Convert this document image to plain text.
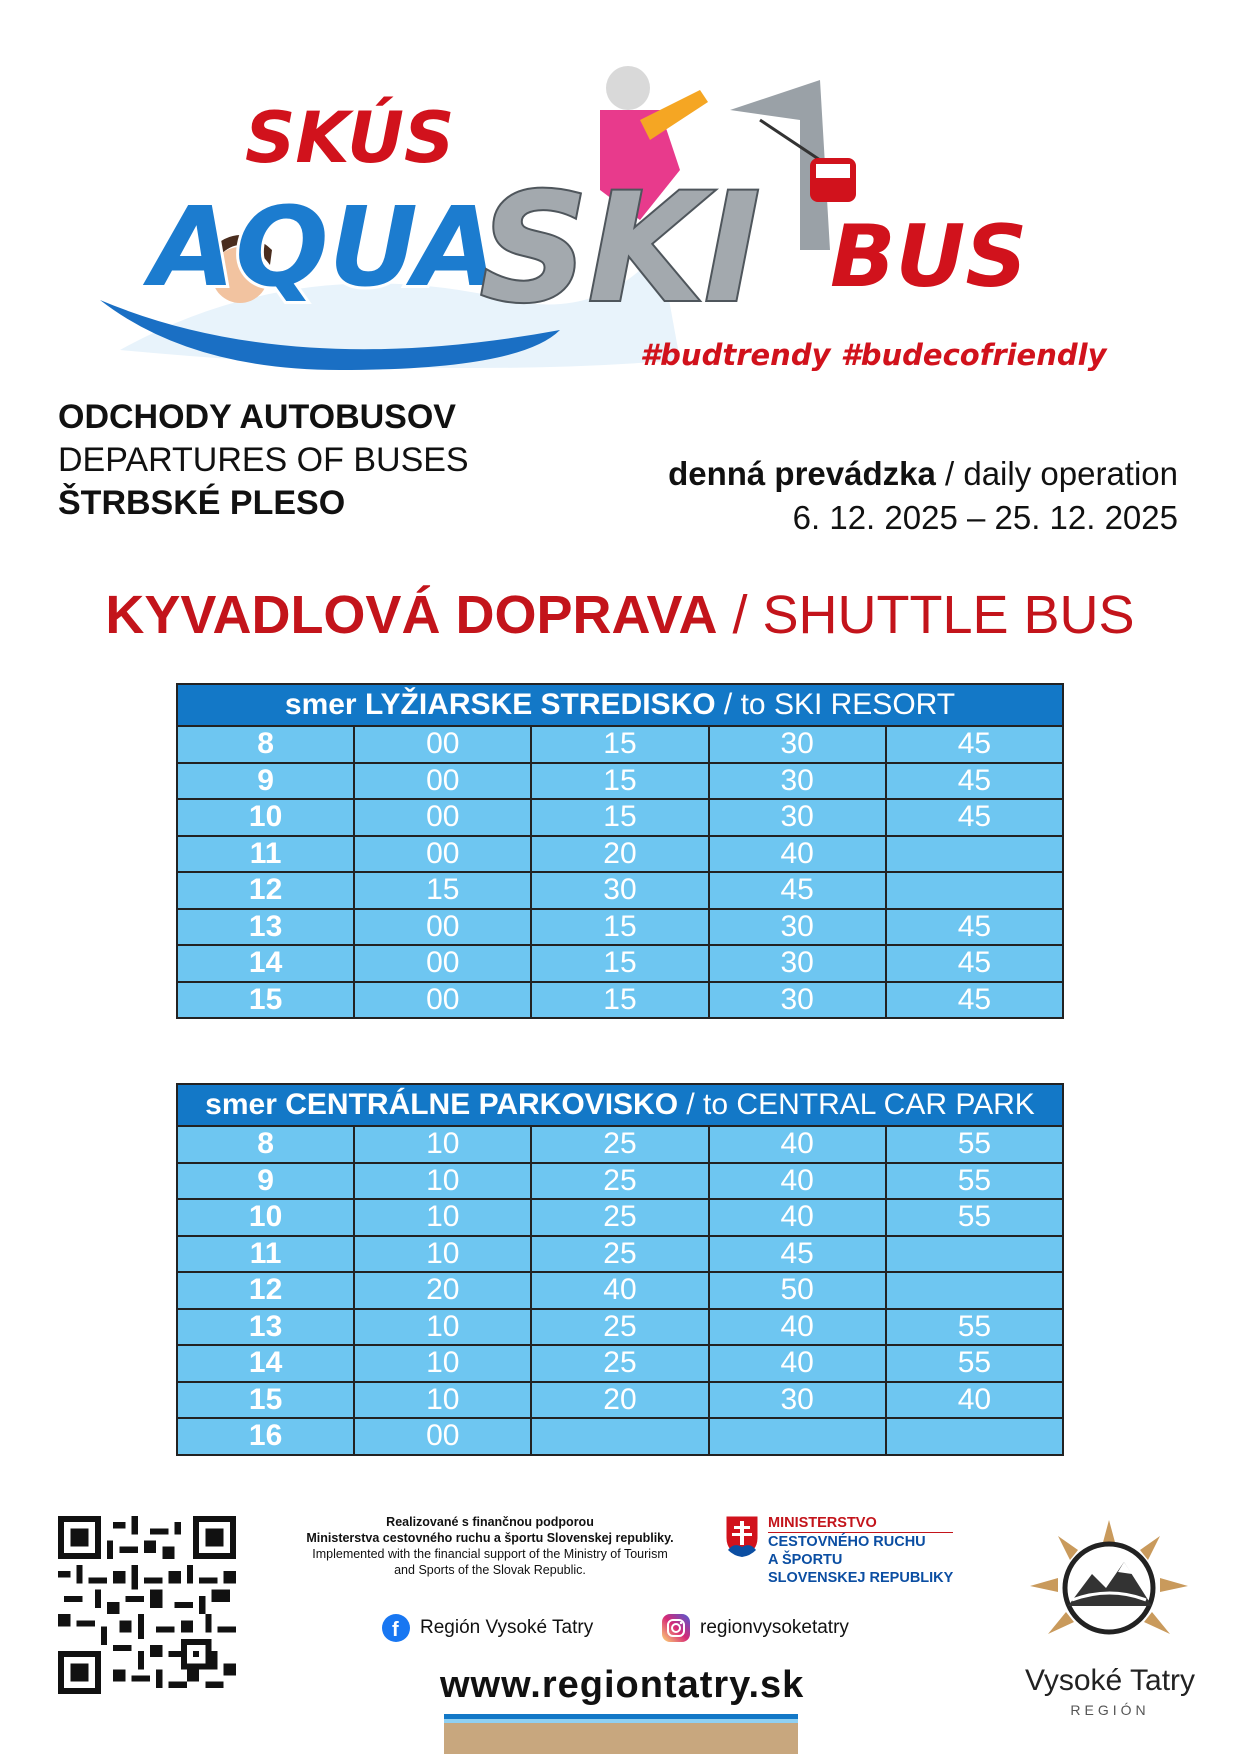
SKÚS
AQUA
SKI BUS
#budtrendy #budecofriendly
ODCHODY AUTOBUSOV
DEPARTURES OF BUSES
ŠTRBSKÉ PLESO
denná prevádzka / daily operation
6. 12. 2025 – 25. 12. 2025
KYVADLOVÁ DOPRAVA / SHUTTLE BUS
smer LYŽIARSKE STREDISKO / to SKI RESORT				
8	00	15	30	45
9	00	15	30	45
10	00	15	30	45
11	00	20	40	
12	15	30	45	
13	00	15	30	45
14	00	15	30	45
15	00	15	30	45
smer CENTRÁLNE PARKOVISKO / to CENTRAL CAR PARK				
8	10	25	40	55
9	10	25	40	55
10	10	25	40	55
11	10	25	45	
12	20	40	50	
13	10	25	40	55
14	10	25	40	55
15	10	20	30	40
16	00			
Realizované s finančnou podporou
Ministerstva cestovného ruchu a športu Slovenskej republiky.
Implemented with the financial support of the Ministry of Tourism
and Sports of the Slovak Republic.
MINISTERSTVO
CESTOVNÉHO RUCHU
A ŠPORTU
SLOVENSKEJ REPUBLIKY
f Región Vysoké Tatry	regionvysoketatry
www.regiontatry.sk	Vysoké Tatry
REGIÓN
